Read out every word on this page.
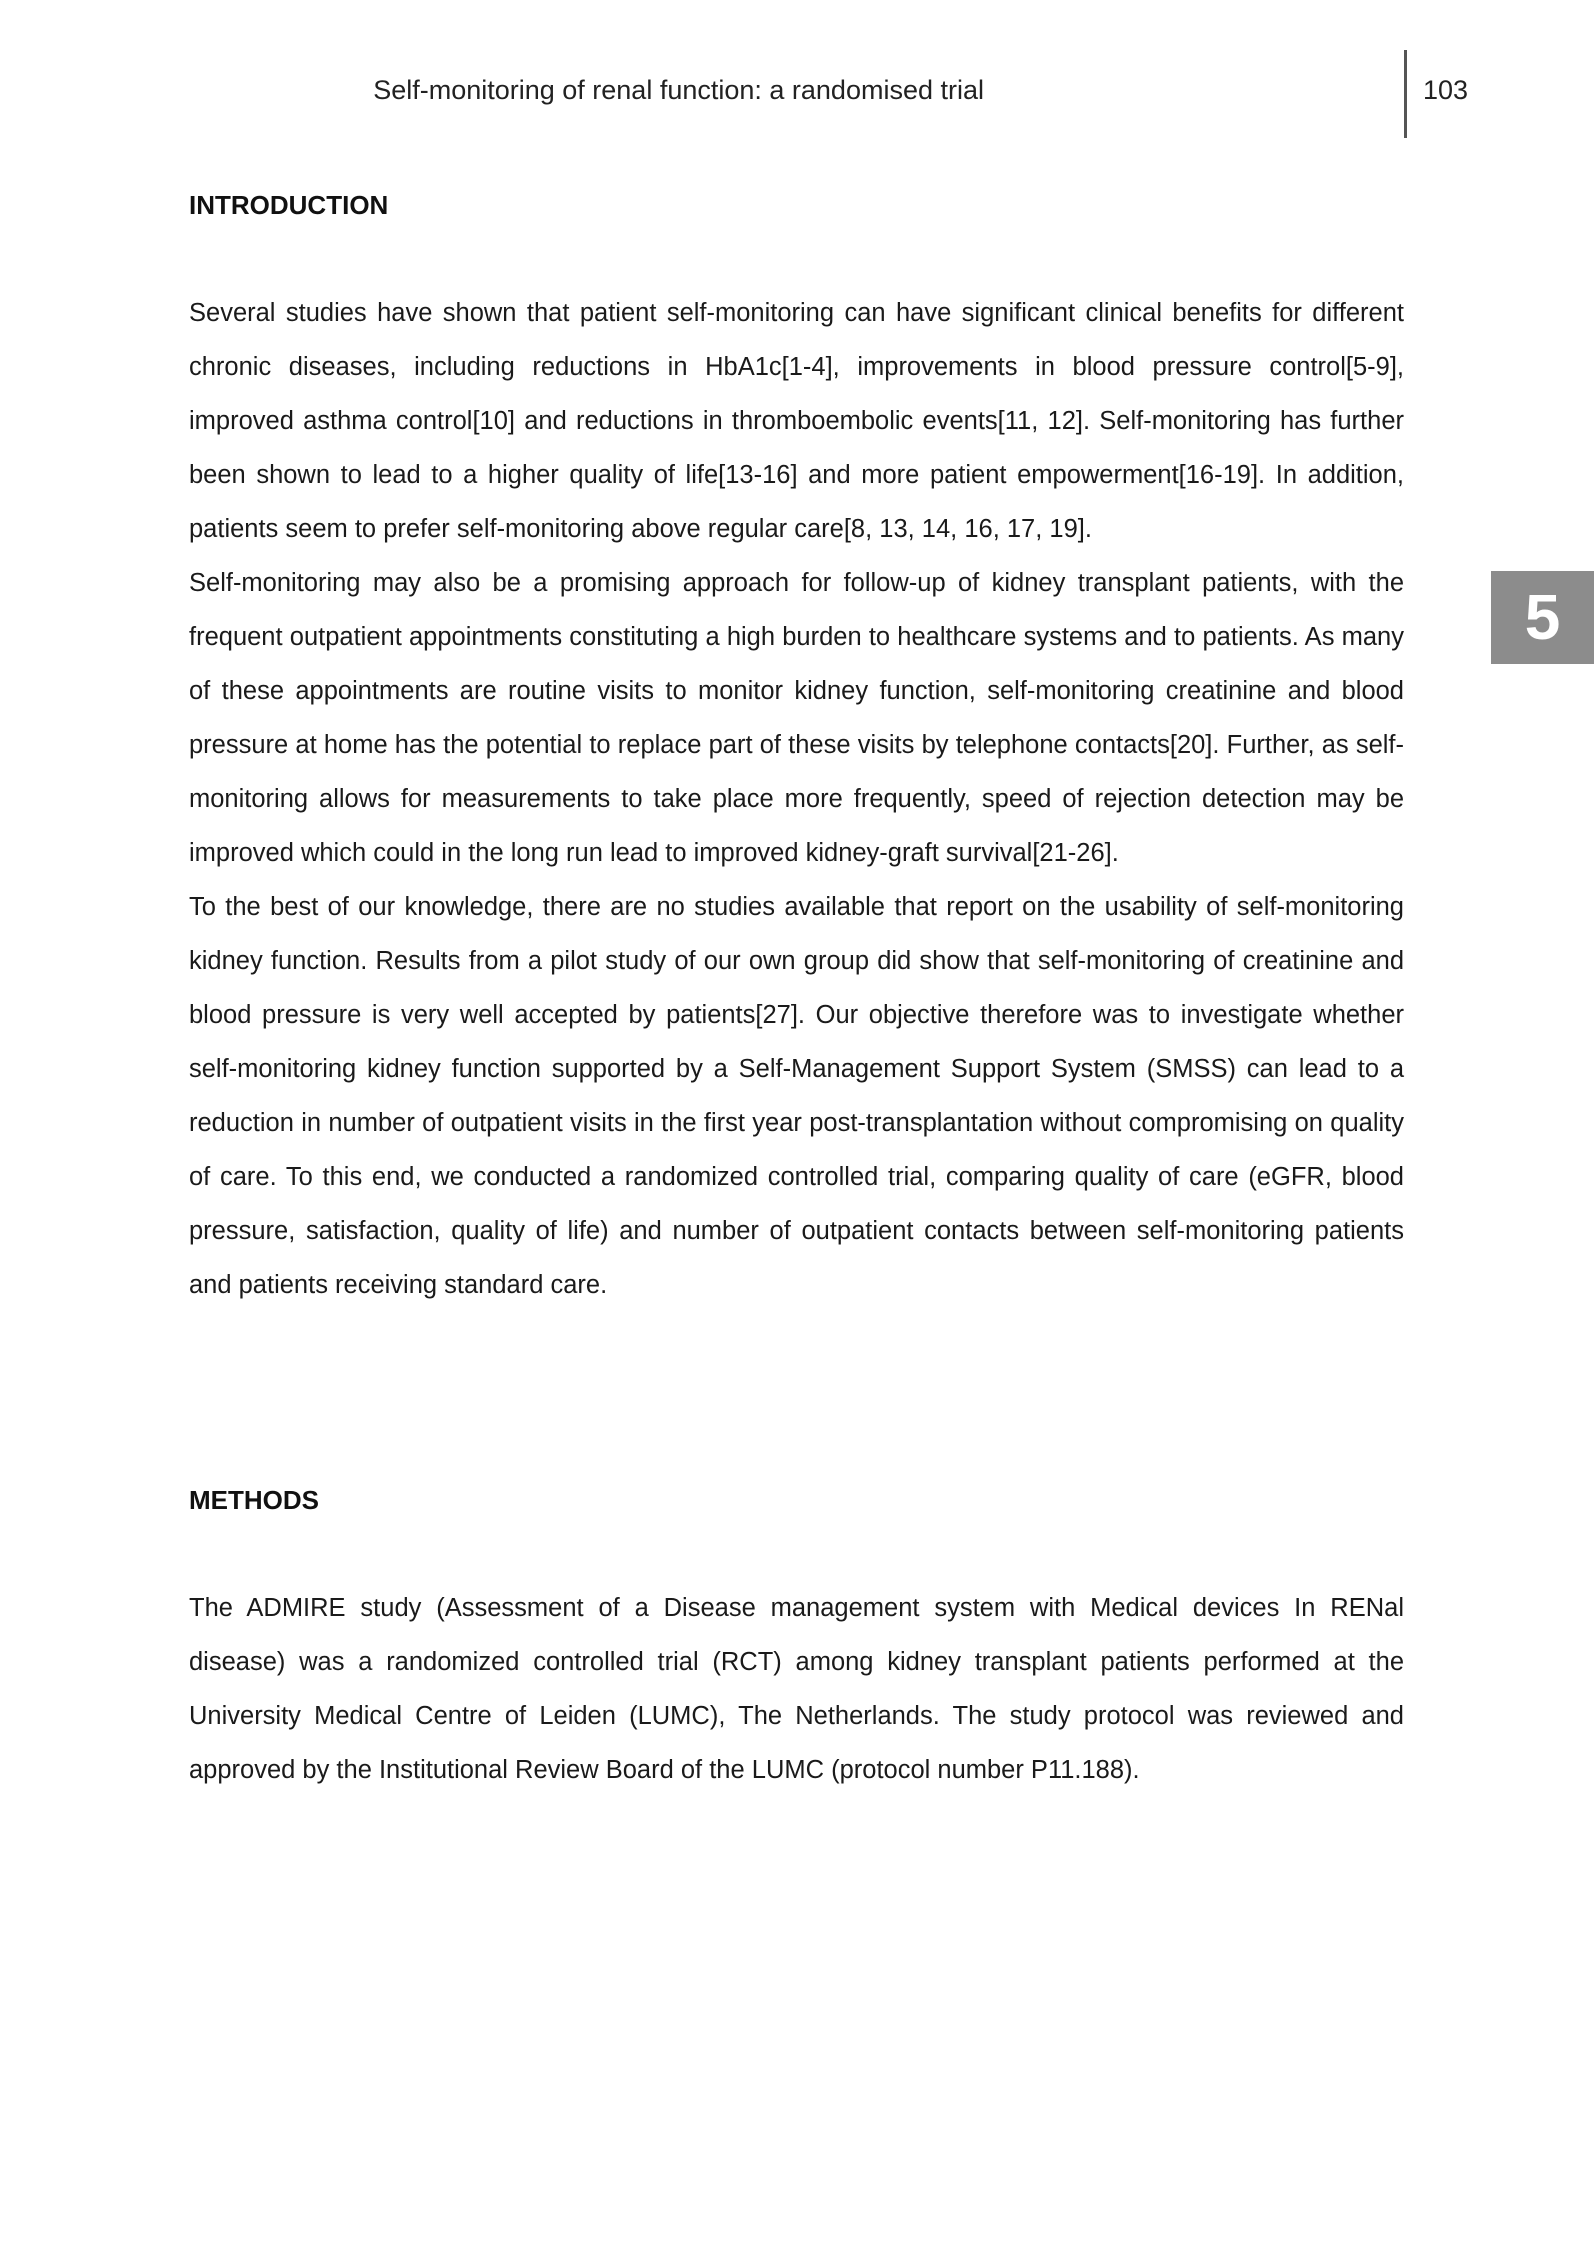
Self-monitoring of renal function: a randomised trial	103
5
INTRODUCTION

Several studies have shown that patient self-monitoring can have significant clinical benefits for different chronic diseases, including reductions in HbA1c[1-4], improvements in blood pressure control[5-9], improved asthma control[10] and reductions in thromboembolic events[11, 12]. Self-monitoring has further been shown to lead to a higher quality of life[13-16] and more patient empowerment[16-19]. In addition, patients seem to prefer self-monitoring above regular care[8, 13, 14, 16, 17, 19].

Self-monitoring may also be a promising approach for follow-up of kidney transplant patients, with the frequent outpatient appointments constituting a high burden to healthcare systems and to patients. As many of these appointments are routine visits to monitor kidney function, self-monitoring creatinine and blood pressure at home has the potential to replace part of these visits by telephone contacts[20]. Further, as self-monitoring allows for measurements to take place more frequently, speed of rejection detection may be improved which could in the long run lead to improved kidney-graft survival[21-26].

To the best of our knowledge, there are no studies available that report on the usability of self-monitoring kidney function. Results from a pilot study of our own group did show that self-monitoring of creatinine and blood pressure is very well accepted by patients[27]. Our objective therefore was to investigate whether self-monitoring kidney function supported by a Self-Management Support System (SMSS) can lead to a reduction in number of outpatient visits in the first year post-transplantation without compromising on quality of care. To this end, we conducted a randomized controlled trial, comparing quality of care (eGFR, blood pressure, satisfaction, quality of life) and number of outpatient contacts between self-monitoring patients and patients receiving standard care.

METHODS

The ADMIRE study (Assessment of a Disease management system with Medical devices In RENal disease) was a randomized controlled trial (RCT) among kidney transplant patients performed at the University Medical Centre of Leiden (LUMC), The Netherlands. The study protocol was reviewed and approved by the Institutional Review Board of the LUMC (protocol number P11.188).
